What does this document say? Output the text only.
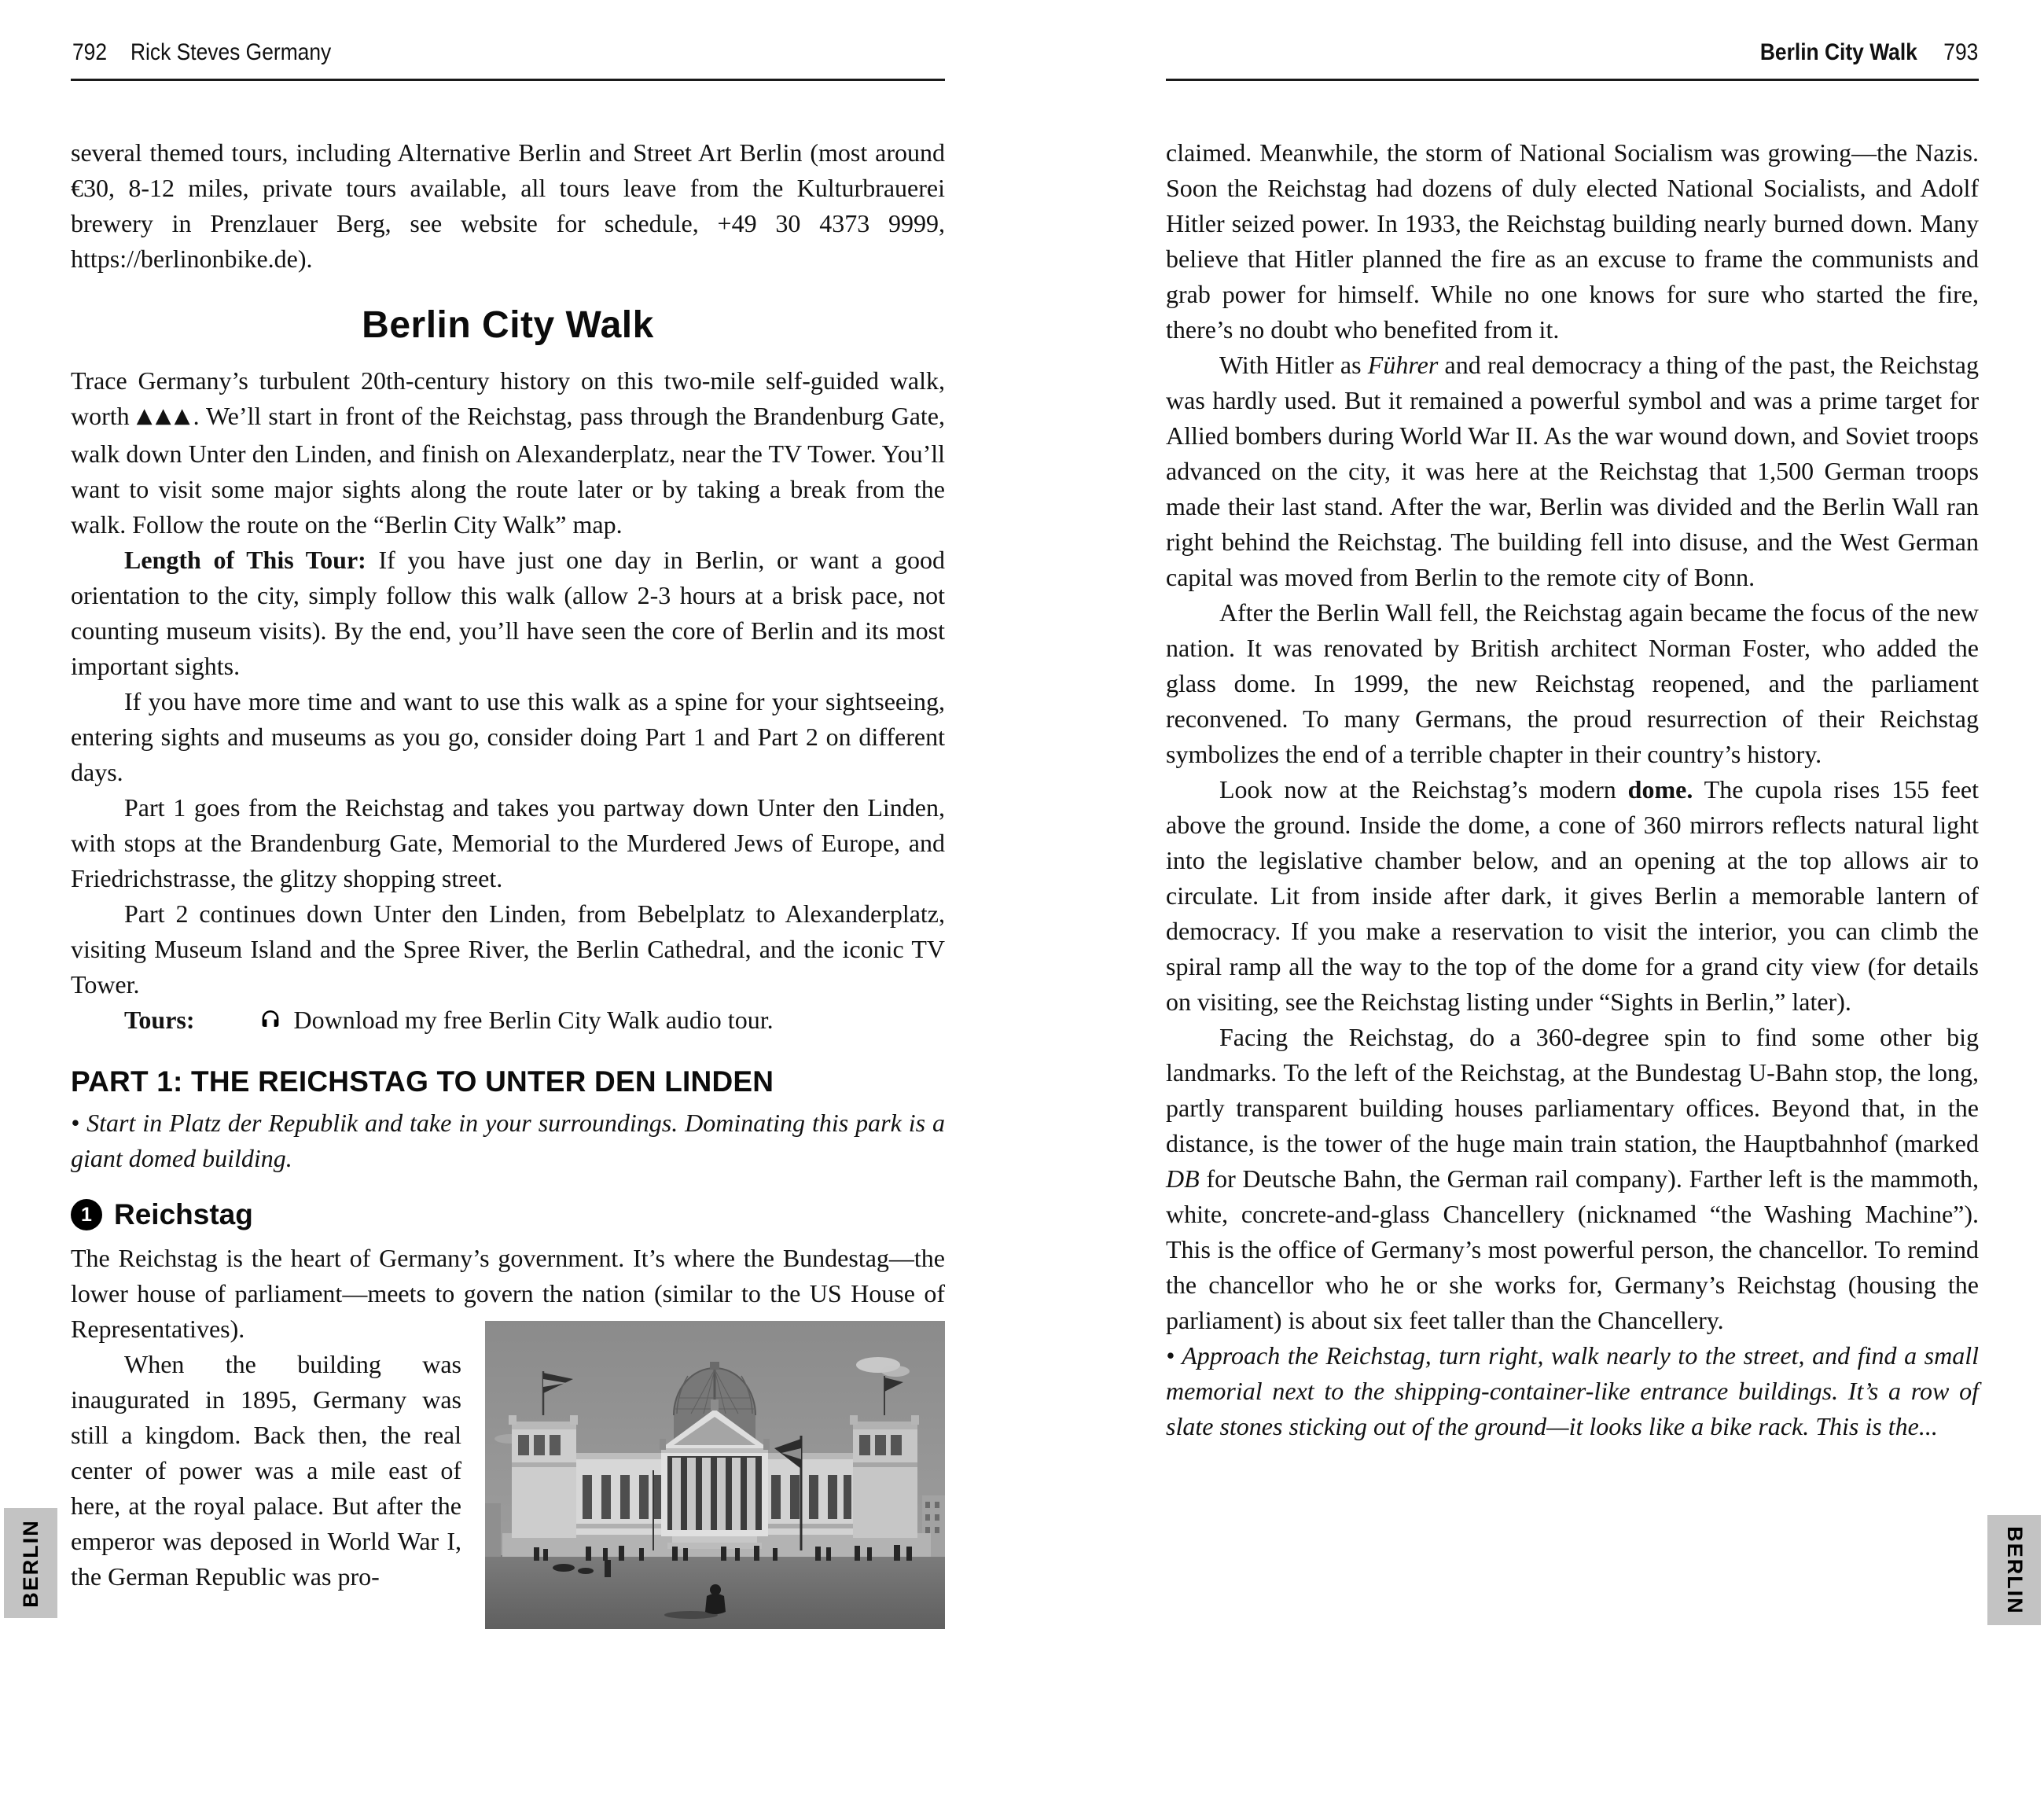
792 Rick Steves Germany	Berlin City Walk 793

several themed tours, including Alternative Berlin and Street Art Berlin (most around €30, 8-12 miles, private tours available, all tours leave from the Kulturbrauerei brewery in Prenzlauer Berg, see website for schedule, +49 30 4373 9999, https://berlinonbike.de).

Berlin City Walk

Trace Germany’s turbulent 20th-century history on this two-mile self-guided walk, worth ▲▲▲. We’ll start in front of the Reichstag, pass through the Brandenburg Gate, walk down Unter den Linden, and finish on Alexanderplatz, near the TV Tower. You’ll want to visit some major sights along the route later or by taking a break from the walk. Follow the route on the “Berlin City Walk” map.

Length of This Tour: If you have just one day in Berlin, or want a good orientation to the city, simply follow this walk (allow 2-3 hours at a brisk pace, not counting museum visits). By the end, you’ll have seen the core of Berlin and its most important sights.

If you have more time and want to use this walk as a spine for your sightseeing, entering sights and museums as you go, consider doing Part 1 and Part 2 on different days.

Part 1 goes from the Reichstag and takes you partway down Unter den Linden, with stops at the Brandenburg Gate, Memorial to the Murdered Jews of Europe, and Friedrichstrasse, the glitzy shopping street.

Part 2 continues down Unter den Linden, from Bebelplatz to Alexanderplatz, visiting Museum Island and the Spree River, the Berlin Cathedral, and the iconic TV Tower.

Tours:	Download my free Berlin City Walk audio tour.

PART 1: THE REICHSTAG TO UNTER DEN LINDEN

• Start in Platz der Republik and take in your surroundings. Dominating this park is a giant domed building.

1 Reichstag

The Reichstag is the heart of Germany’s government. It’s where the Bundestag—the lower house of parliament—meets to govern the
nation (similar to the US House of Representatives).

When the building was inaugurated in 1895, Germany was still a kingdom. Back then, the real center of power was a mile east of here, at the royal palace. But after the emperor was deposed in World War I, the German Republic was pro-

claimed. Meanwhile, the storm of National Socialism was growing—the Nazis. Soon the Reichstag had dozens of duly elected National Socialists, and Adolf Hitler seized power. In 1933, the Reichstag building nearly burned down. Many believe that Hitler planned the fire as an excuse to frame the communists and grab power for himself. While no one knows for sure who started the fire, there’s no doubt who benefited from it.

With Hitler as Führer and real democracy a thing of the past, the Reichstag was hardly used. But it remained a powerful symbol and was a prime target for Allied bombers during World War II. As the war wound down, and Soviet troops advanced on the city, it was here at the Reichstag that 1,500 German troops made their last stand. After the war, Berlin was divided and the Berlin Wall ran right behind the Reichstag. The building fell into disuse, and the West German capital was moved from Berlin to the remote city of Bonn.

After the Berlin Wall fell, the Reichstag again became the focus of the new nation. It was renovated by British architect Norman Foster, who added the glass dome. In 1999, the new Reichstag reopened, and the parliament reconvened. To many Germans, the proud resurrection of their Reichstag symbolizes the end of a terrible chapter in their country’s history.

Look now at the Reichstag’s modern dome. The cupola rises 155 feet above the ground. Inside the dome, a cone of 360 mirrors reflects natural light into the legislative chamber below, and an opening at the top allows air to circulate. Lit from inside after dark, it gives Berlin a memorable lantern of democracy. If you make a reservation to visit the interior, you can climb the spiral ramp all the way to the top of the dome for a grand city view (for details on visiting, see the Reichstag listing under “Sights in Berlin,” later).

Facing the Reichstag, do a 360-degree spin to find some other big landmarks. To the left of the Reichstag, at the Bundestag U-Bahn stop, the long, partly transparent building houses parliamentary offices. Beyond that, in the distance, is the tower of the huge main train station, the Hauptbahnhof (marked DB for Deutsche Bahn, the German rail company). Farther left is the mammoth, white, concrete-and-glass Chancellery (nicknamed “the Washing Machine”). This is the office of Germany’s most powerful person, the chancellor. To remind the chancellor who he or she works for, Germany’s Reichstag (housing the parliament) is about six feet taller than the Chancellery.

• Approach the Reichstag, turn right, walk nearly to the street, and find a small memorial next to the shipping-container-like entrance buildings. It’s a row of slate stones sticking out of the ground—it looks like a bike rack. This is the...

BERLIN	BERLIN
